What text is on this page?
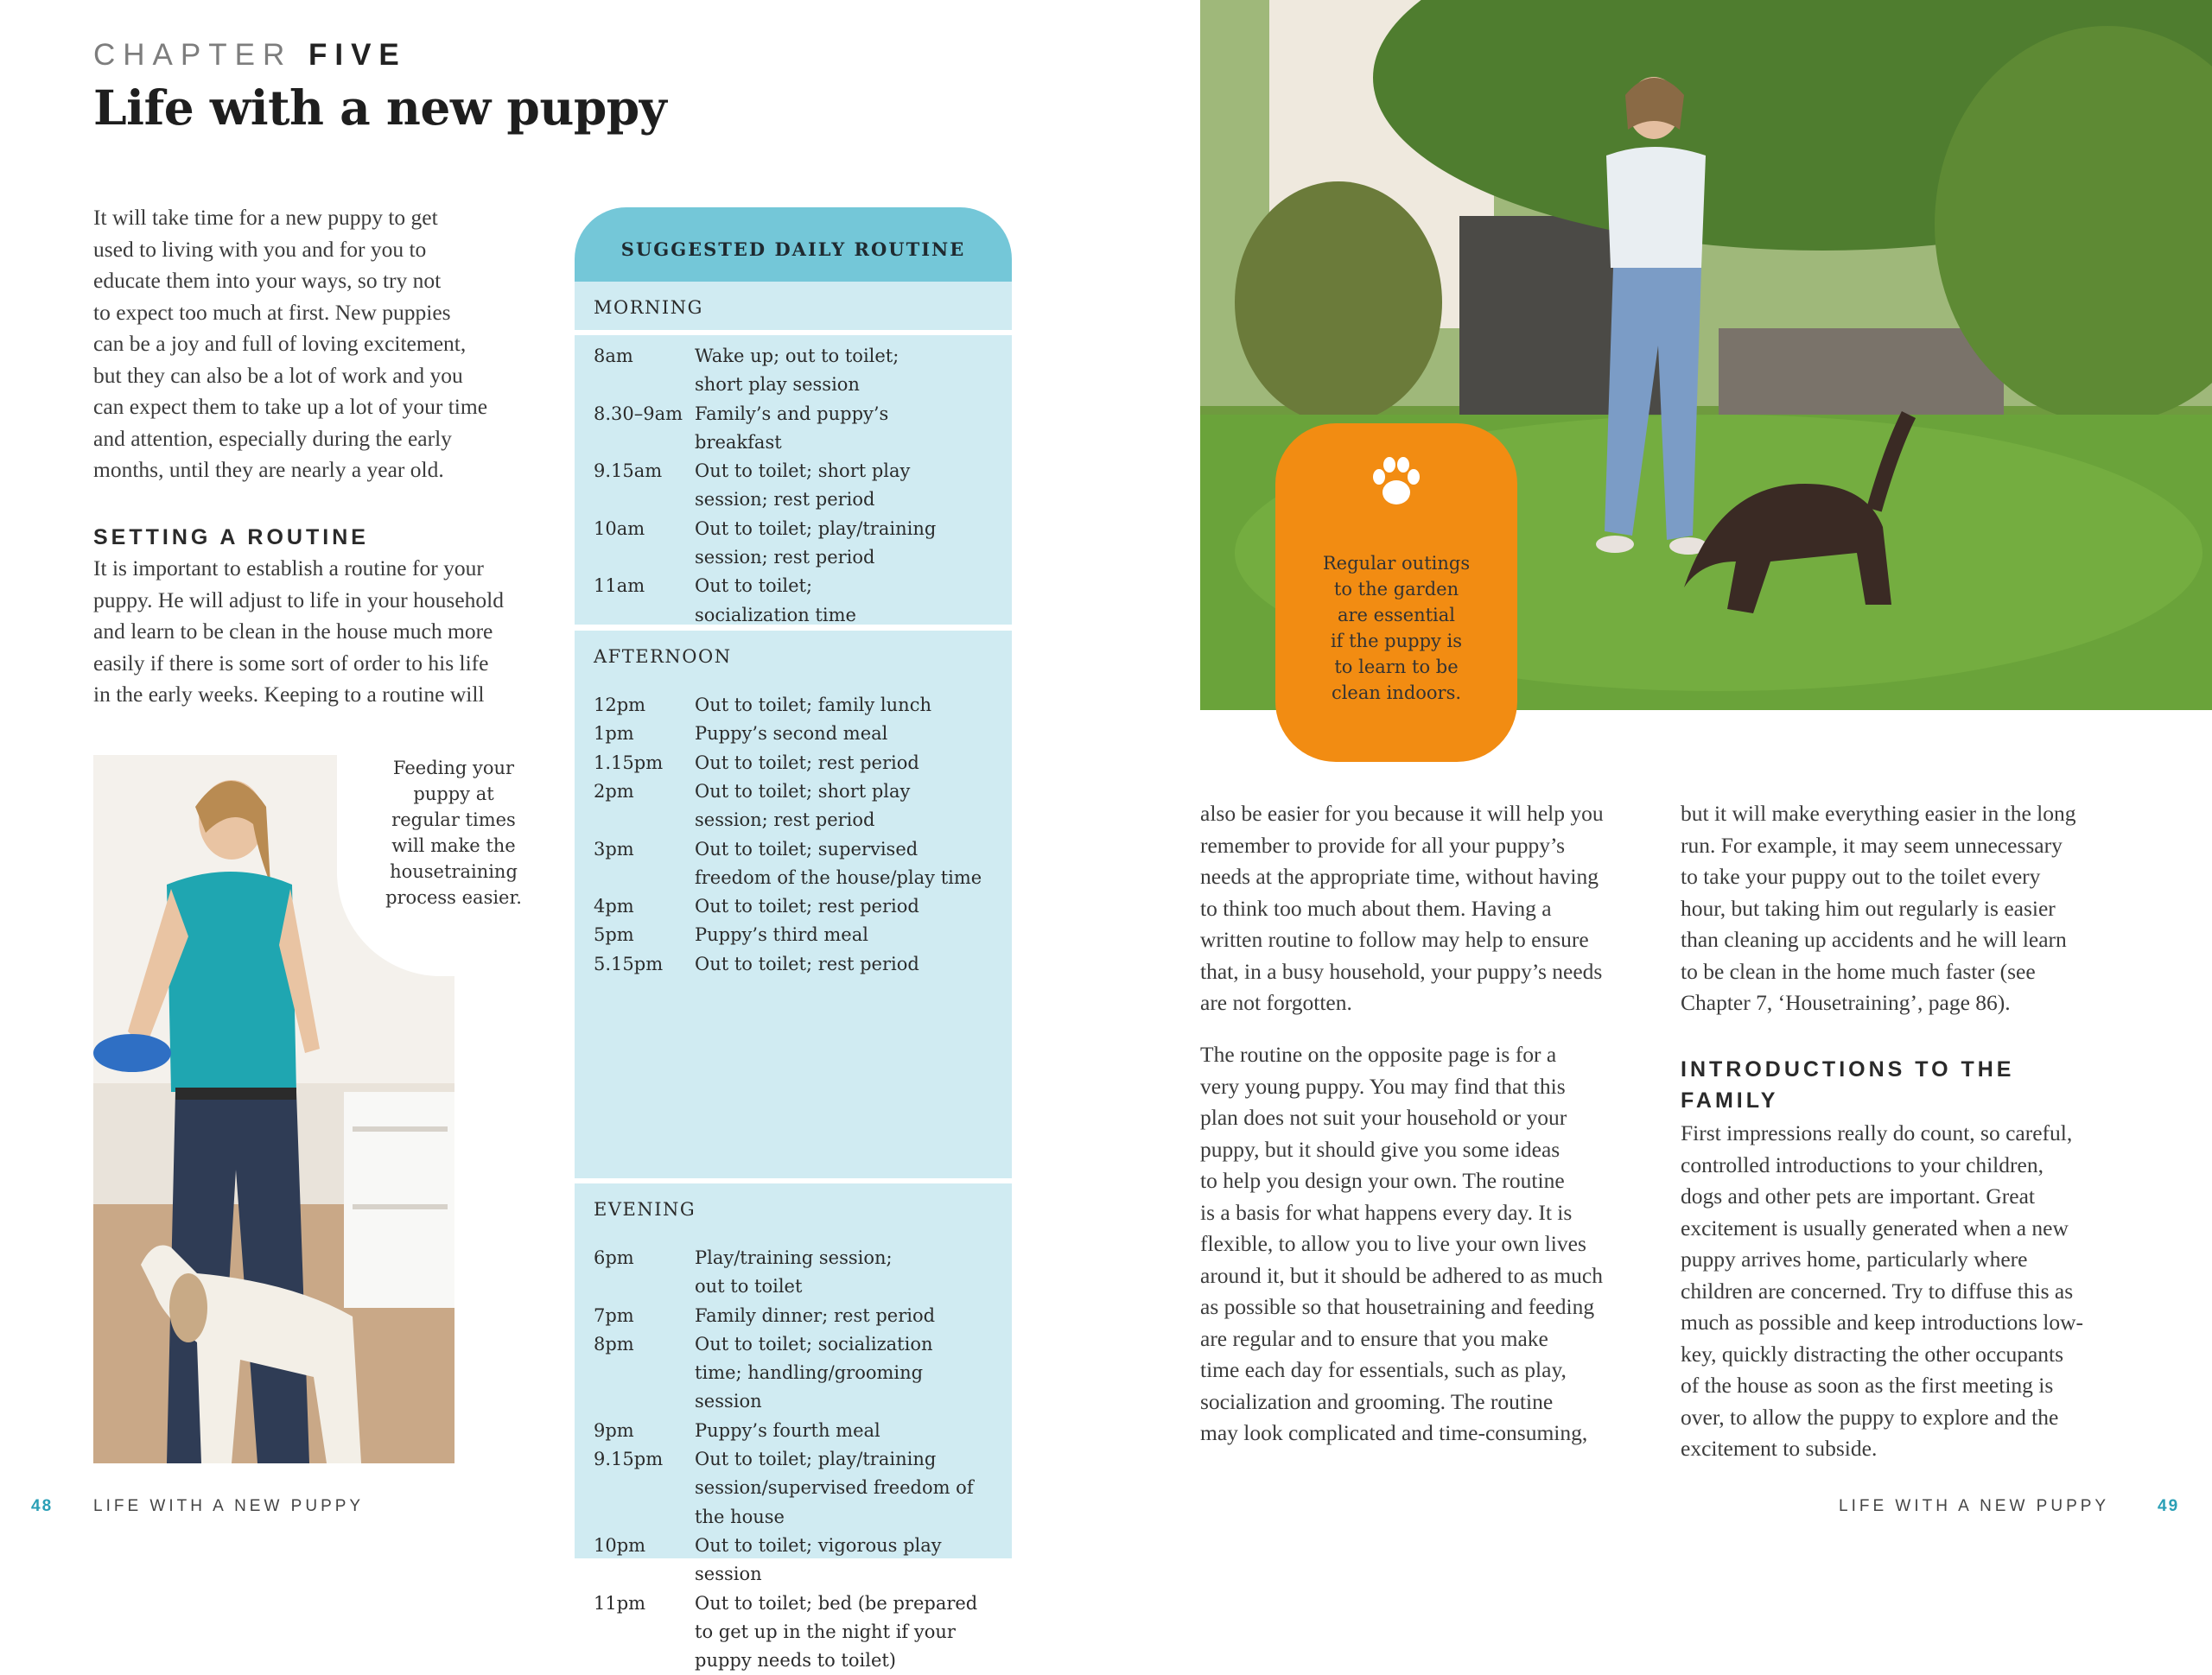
CHAPTER FIVE
Life with a new puppy
It will take time for a new puppy to get
used to living with you and for you to
educate them into your ways, so try not
to expect too much at first. New puppies
can be a joy and full of loving excitement,
but they can also be a lot of work and you
can expect them to take up a lot of your time
and attention, especially during the early
months, until they are nearly a year old.
SETTING A ROUTINE
It is important to establish a routine for your
puppy. He will adjust to life in your household
and learn to be clean in the house much more
easily if there is some sort of order to his life
in the early weeks. Keeping to a routine will
Feeding your
puppy at
regular times
will make the
housetraining
process easier.
SUGGESTED DAILY ROUTINE
MORNING
8am	Wake up; out to toilet;
short play session
8.30–9am Family’s and puppy’s
breakfast
9.15am Out to toilet; short play
session; rest period
10am	Out to toilet; play/training
session; rest period
11am	Out to toilet;
socialization time
AFTERNOON
12pm	Out to toilet; family lunch
1pm	Puppy’s second meal
1.15pm Out to toilet; rest period
2pm	Out to toilet; short play
session; rest period
3pm	Out to toilet; supervised
freedom of the house/play time
4pm	Out to toilet; rest period
5pm	Puppy’s third meal
5.15pm Out to toilet; rest period
EVENING
6pm	Play/training session;
out to toilet
7pm	Family dinner; rest period
8pm	Out to toilet; socialization
time; handling/grooming
session
9pm	Puppy’s fourth meal
9.15pm Out to toilet; play/training
session/supervised freedom of
the house
10pm	Out to toilet; vigorous play
session
11pm	Out to toilet; bed (be prepared
to get up in the night if your
puppy needs to toilet)
48 LIFE WITH A NEW PUPPY
Regular outings
to the garden
are essential
if the puppy is
to learn to be
clean indoors.
also be easier for you because it will help you
remember to provide for all your puppy’s
needs at the appropriate time, without having
to think too much about them. Having a
written routine to follow may help to ensure
that, in a busy household, your puppy’s needs
are not forgotten.
The routine on the opposite page is for a
very young puppy. You may find that this
plan does not suit your household or your
puppy, but it should give you some ideas
to help you design your own. The routine
is a basis for what happens every day. It is
flexible, to allow you to live your own lives
around it, but it should be adhered to as much
as possible so that housetraining and feeding
are regular and to ensure that you make
time each day for essentials, such as play,
socialization and grooming. The routine
may look complicated and time-consuming,
but it will make everything easier in the long
run. For example, it may seem unnecessary
to take your puppy out to the toilet every
hour, but taking him out regularly is easier
than cleaning up accidents and he will learn
to be clean in the home much faster (see
Chapter 7, ‘Housetraining’, page 86).
INTRODUCTIONS TO THE
FAMILY
First impressions really do count, so careful,
controlled introductions to your children,
dogs and other pets are important. Great
excitement is usually generated when a new
puppy arrives home, particularly where
children are concerned. Try to diffuse this as
much as possible and keep introductions low-
key, quickly distracting the other occupants
of the house as soon as the first meeting is
over, to allow the puppy to explore and the
excitement to subside.
LIFE WITH A NEW PUPPY	49
